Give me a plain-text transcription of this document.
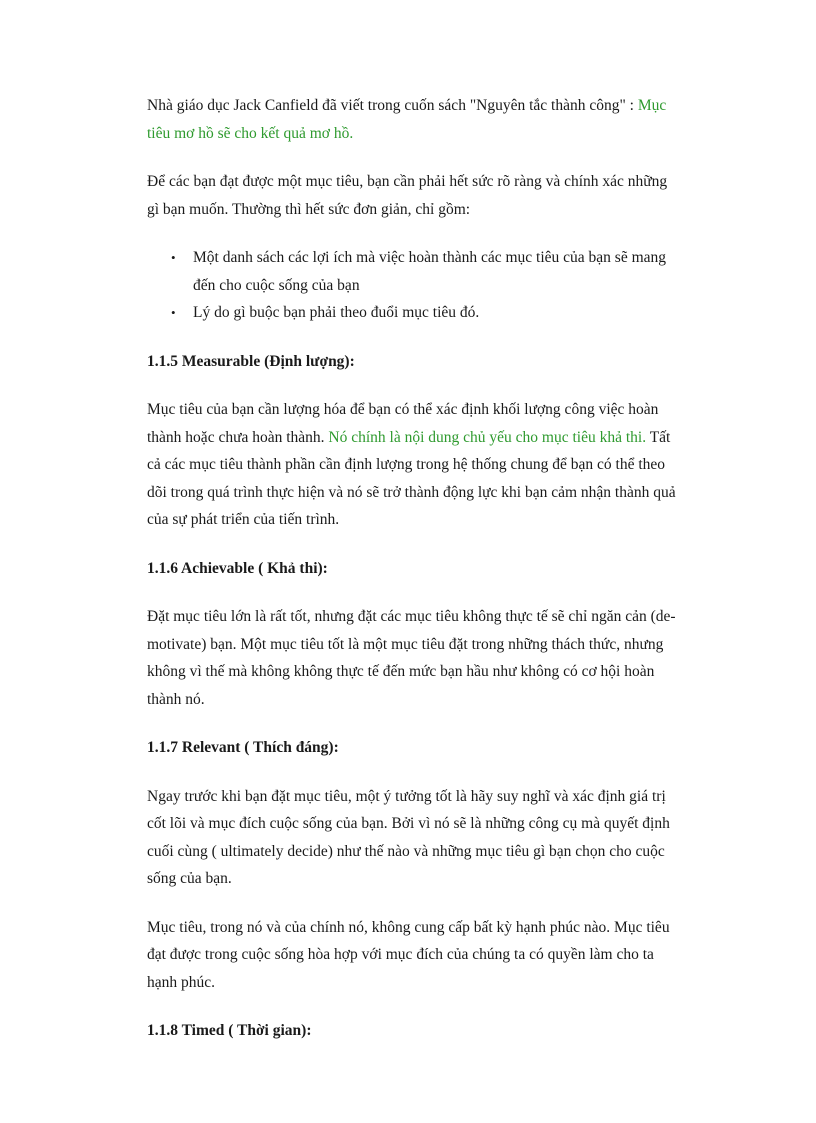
Nhà giáo dục Jack Canfield đã viết trong cuốn sách "Nguyên tắc thành công" : Mục tiêu mơ hồ sẽ cho kết quả mơ hồ.

Để các bạn đạt được một mục tiêu, bạn cần phải hết sức rõ ràng và chính xác những gì bạn muốn. Thường thì hết sức đơn giản, chỉ gồm:

• Một danh sách các lợi ích mà việc hoàn thành các mục tiêu của bạn sẽ mang đến cho cuộc sống của bạn
• Lý do gì buộc bạn phải theo đuổi mục tiêu đó.
1.1.5 Measurable (Định lượng):

Mục tiêu của bạn cần lượng hóa để bạn có thể xác định khối lượng công việc hoàn thành hoặc chưa hoàn thành. Nó chính là nội dung chủ yếu cho mục tiêu khả thi. Tất cả các mục tiêu thành phần cần định lượng trong hệ thống chung để bạn có thể theo dõi trong quá trình thực hiện và nó sẽ trở thành động lực khi bạn cảm nhận thành quả của sự phát triển của tiến trình.

1.1.6 Achievable ( Khả thi):

Đặt mục tiêu lớn là rất tốt, nhưng đặt các mục tiêu không thực tế sẽ chỉ ngăn cản (de-motivate) bạn. Một mục tiêu tốt là một mục tiêu đặt trong những thách thức, nhưng không vì thế mà không không thực tế đến mức bạn hầu như không có cơ hội hoàn thành nó.

1.1.7 Relevant ( Thích đáng):

Ngay trước khi bạn đặt mục tiêu, một ý tưởng tốt là hãy suy nghĩ và xác định giá trị cốt lõi và mục đích cuộc sống của bạn. Bởi vì nó sẽ là những công cụ mà quyết định cuối cùng ( ultimately decide) như thế nào và những mục tiêu gì bạn chọn cho cuộc sống của bạn.

Mục tiêu, trong nó và của chính nó, không cung cấp bất kỳ hạnh phúc nào. Mục tiêu đạt được trong cuộc sống hòa hợp với mục đích của chúng ta có quyền làm cho ta hạnh phúc.

1.1.8 Timed ( Thời gian):
